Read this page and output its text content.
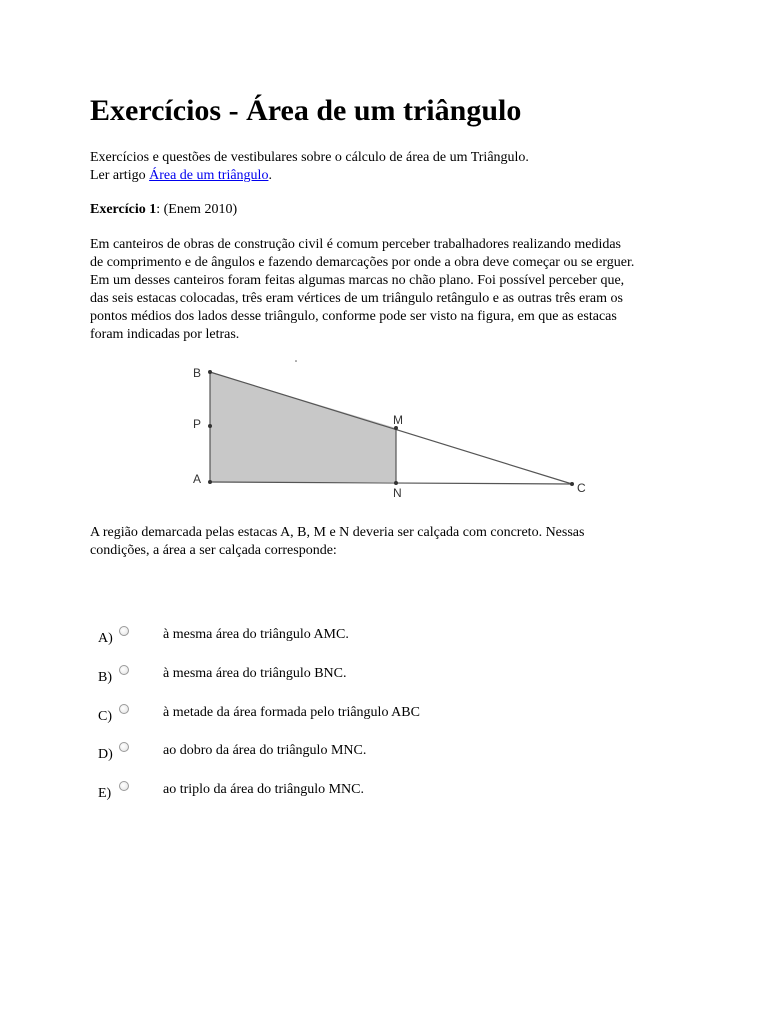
Exercícios - Área de um triângulo
Exercícios e questões de vestibulares sobre o cálculo de área de um Triângulo.
Ler artigo Área de um triângulo.
Exercício 1: (Enem 2010)
Em canteiros de obras de construção civil é comum perceber trabalhadores realizando medidas
de comprimento e de ângulos e fazendo demarcações por onde a obra deve começar ou se erguer.
Em um desses canteiros foram feitas algumas marcas no chão plano. Foi possível perceber que,
das seis estacas colocadas, três eram vértices de um triângulo retângulo e as outras três eram os
pontos médios dos lados desse triângulo, conforme pode ser visto na figura, em que as estacas
foram indicadas por letras.
B
P
A
M
N	C
A região demarcada pelas estacas A, B, M e N deveria ser calçada com concreto. Nessas
condições, a área a ser calçada corresponde:
A)	à mesma área do triângulo AMC.
B)	à mesma área do triângulo BNC.
C)	à metade da área formada pelo triângulo ABC
D)	ao dobro da área do triângulo MNC.
E)	ao triplo da área do triângulo MNC.
